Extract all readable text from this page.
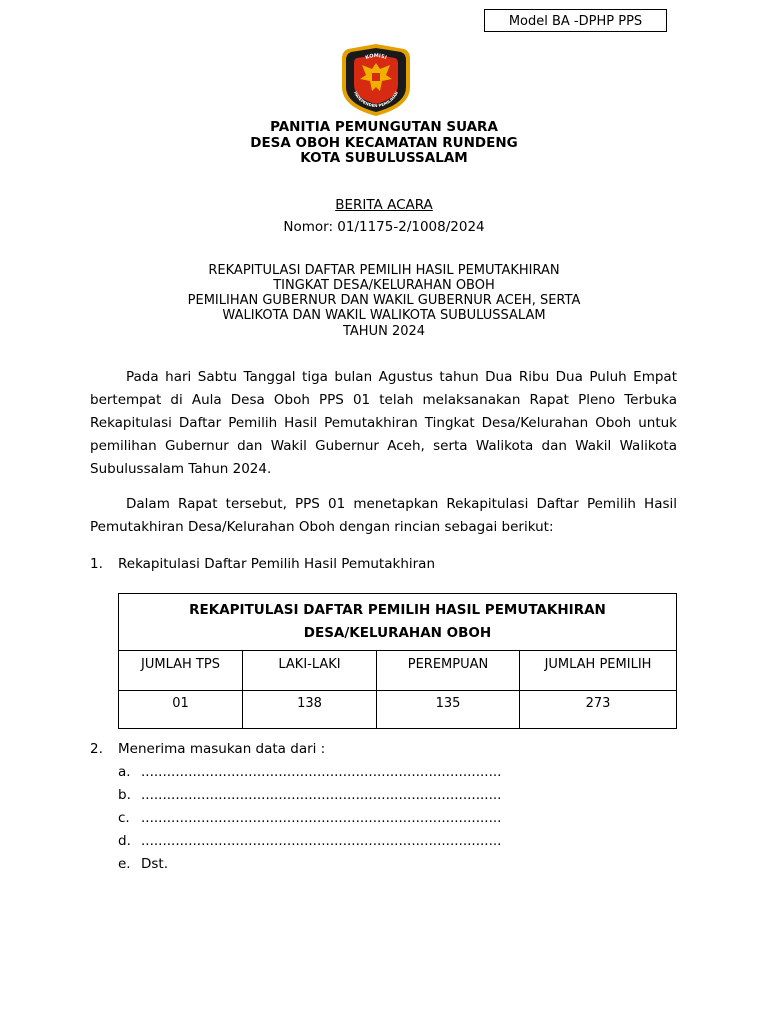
Model BA -DPHP PPS
KOMISI
INDEPENDEN PEMILIHAN
PANITIA PEMUNGUTAN SUARA
DESA OBOH KECAMATAN RUNDENG
KOTA SUBULUSSALAM
BERITA ACARA
Nomor: 01/1175-2/1008/2024
REKAPITULASI DAFTAR PEMILIH HASIL PEMUTAKHIRAN
TINGKAT DESA/KELURAHAN OBOH
PEMILIHAN GUBERNUR DAN WAKIL GUBERNUR ACEH, SERTA
WALIKOTA DAN WAKIL WALIKOTA SUBULUSSALAM
TAHUN 2024

Pada hari Sabtu Tanggal tiga bulan Agustus tahun Dua Ribu Dua Puluh Empat bertempat di Aula Desa Oboh PPS 01 telah melaksanakan Rapat Pleno Terbuka Rekapitulasi Daftar Pemilih Hasil Pemutakhiran Tingkat Desa/Kelurahan Oboh untuk pemilihan Gubernur dan Wakil Gubernur Aceh, serta Walikota dan Wakil Walikota Subulussalam Tahun 2024.

Dalam Rapat tersebut, PPS 01 menetapkan Rekapitulasi Daftar Pemilih Hasil Pemutakhiran Desa/Kelurahan Oboh dengan rincian sebagai berikut:

1. Rekapitulasi Daftar Pemilih Hasil Pemutakhiran
REKAPITULASI DAFTAR PEMILIH HASIL PEMUTAKHIRAN
DESA/KELURAHAN OBOH			

JUMLAH TPS	LAKI-LAKI	PEREMPUAN	JUMLAH PEMILIH
01	138	135	273
2. Menerima masukan data dari :
a. ....................................................................................
b. ....................................................................................
c. ....................................................................................
d. ....................................................................................
e. Dst.
